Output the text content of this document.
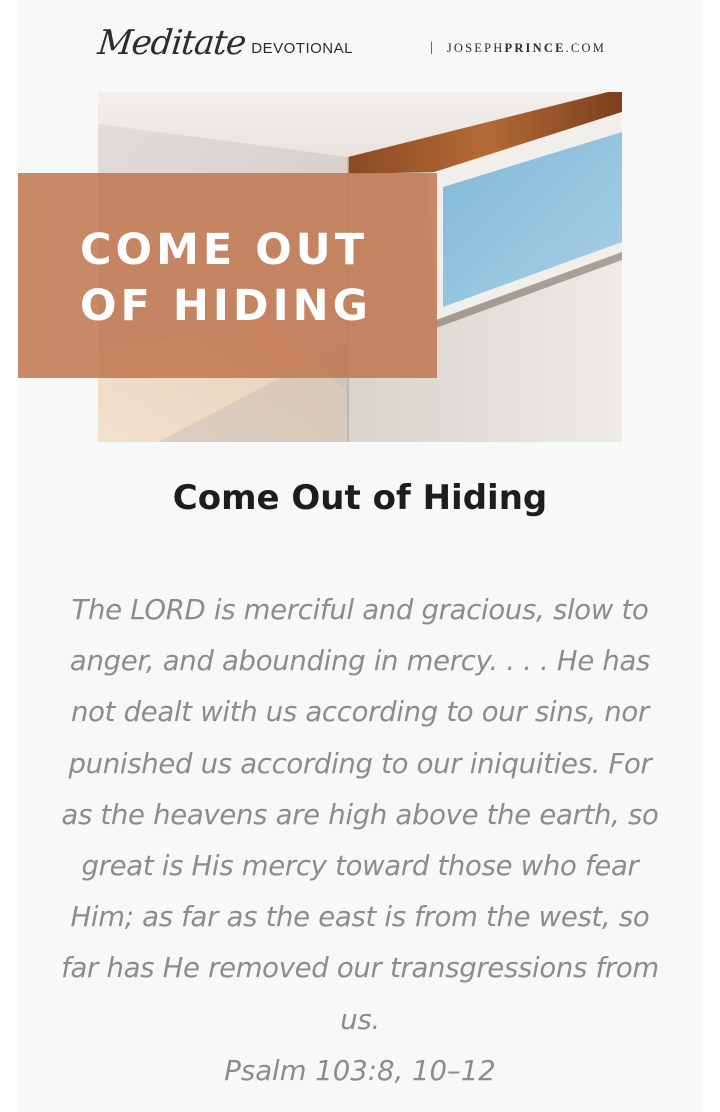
Meditate DEVOTIONAL	| JOSEPH PRINCE .COM
COME OUT
OF HIDING
Come Out of Hiding

The LORD is merciful and gracious, slow to anger, and abounding in mercy. . . . He has not dealt with us according to our sins, nor punished us according to our iniquities. For as the heavens are high above the earth, so great is His mercy toward those who fear Him; as far as the east is from the west, so far has He removed our transgressions from us.

Psalm 103:8, 10–12
